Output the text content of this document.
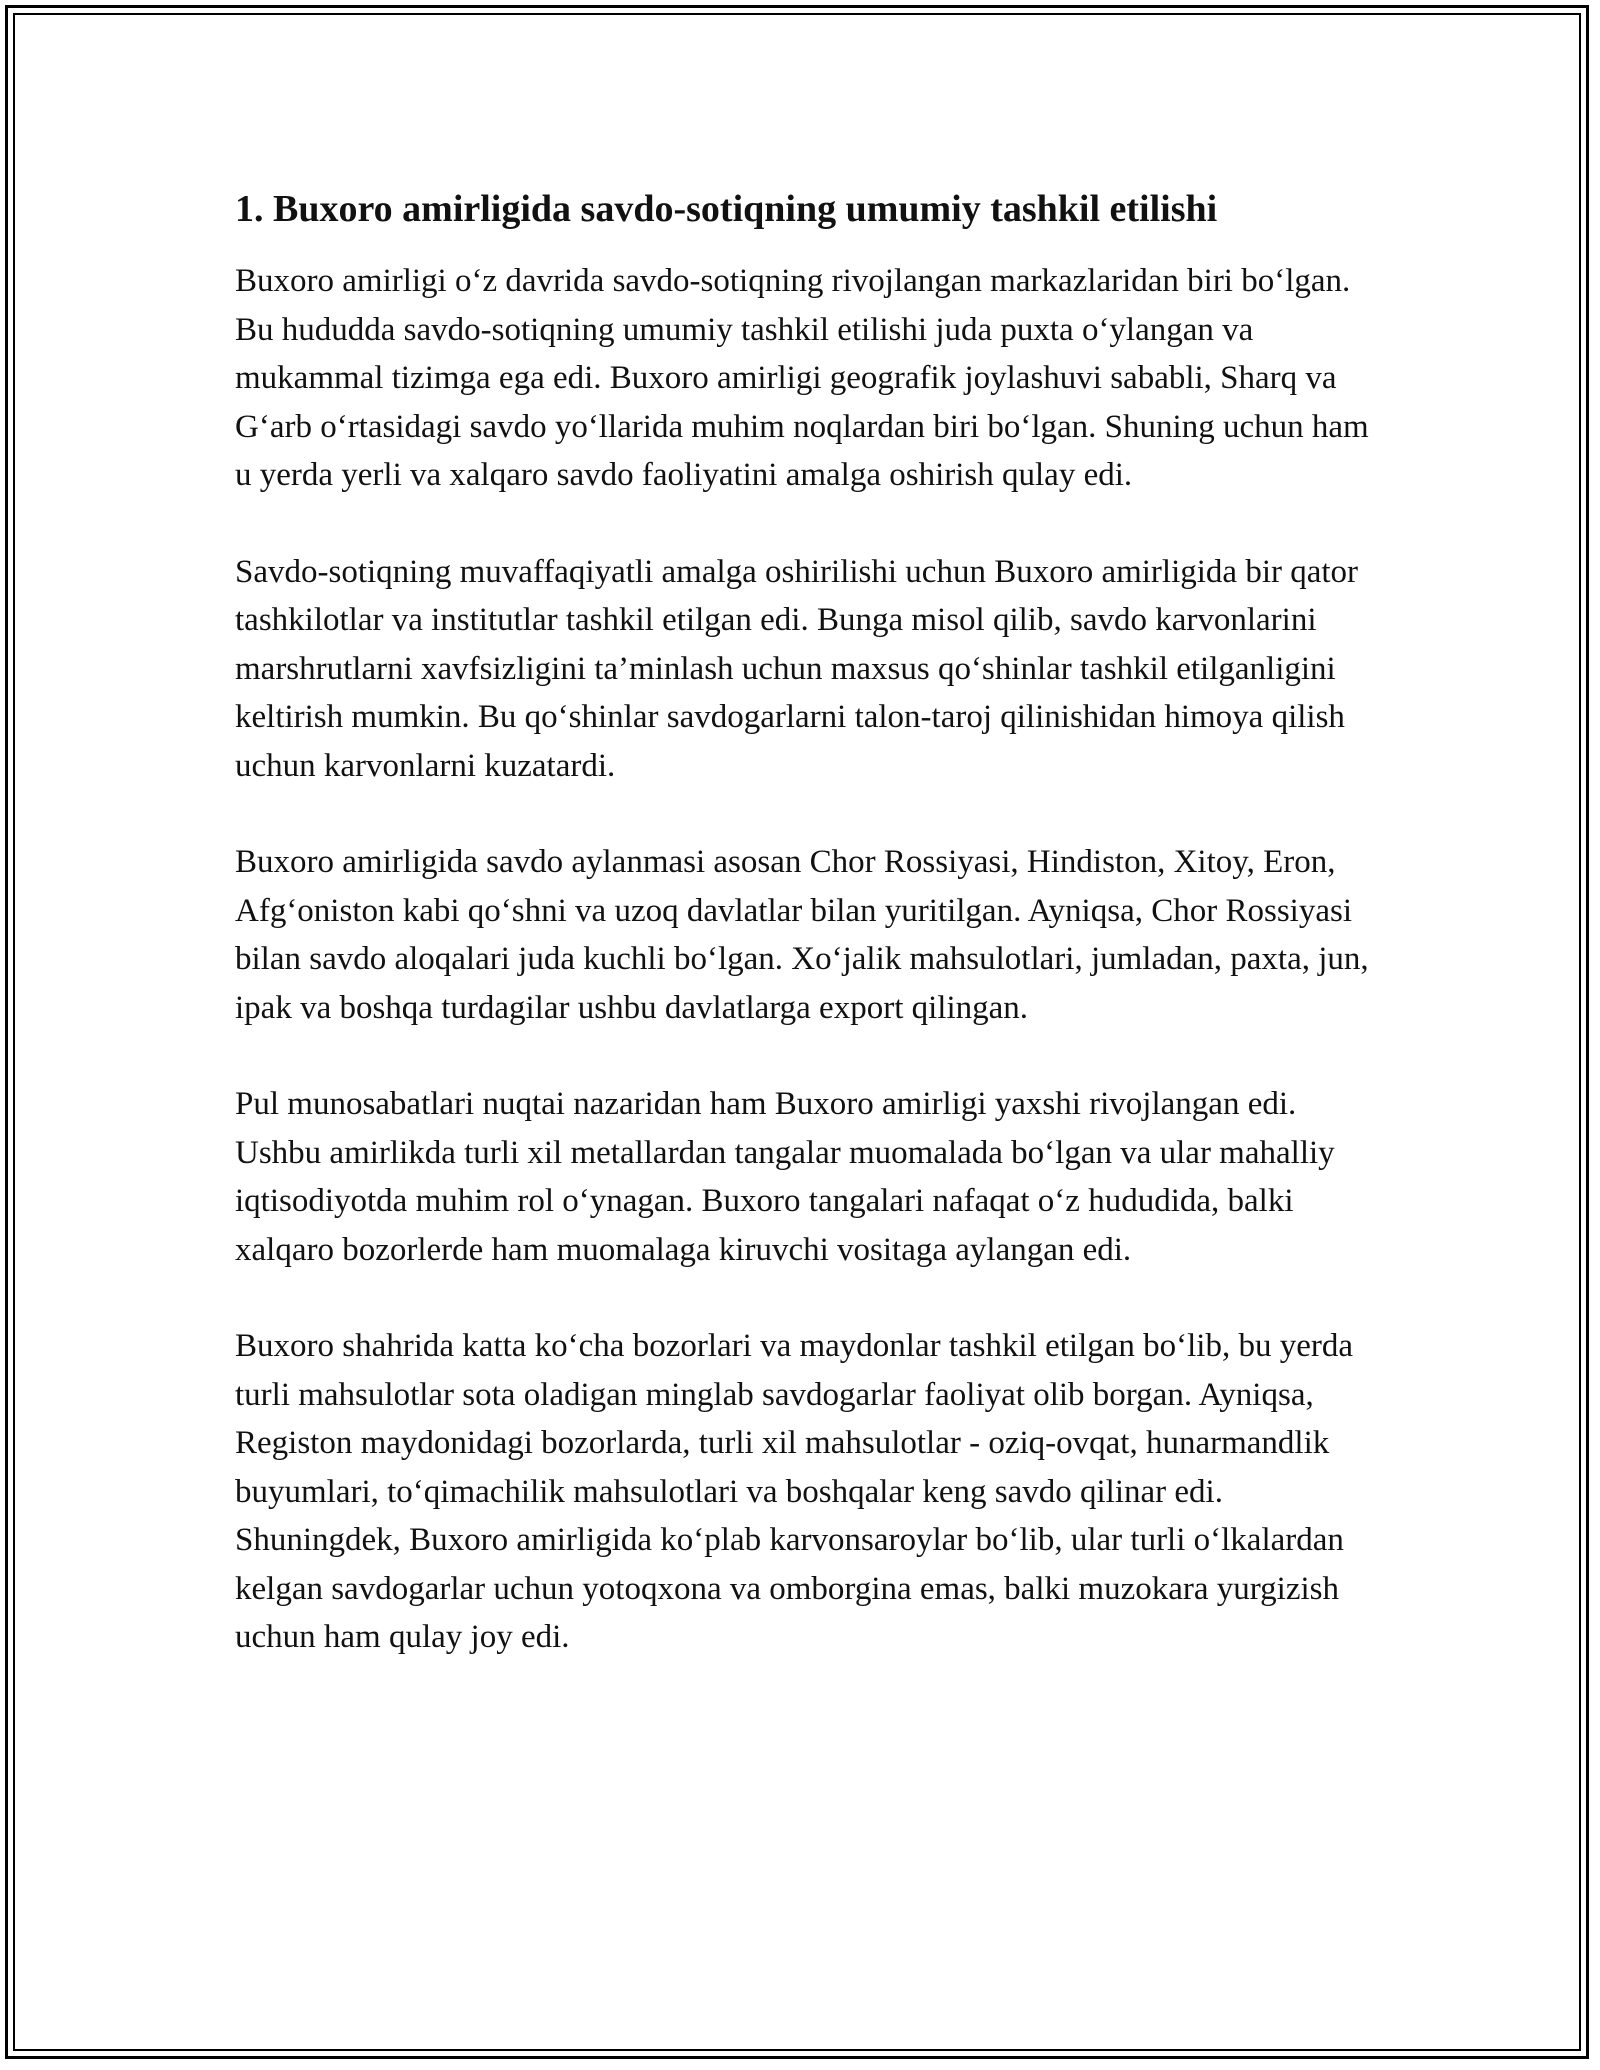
1. Buxoro amirligida savdo-sotiqning umumiy tashkil etilishi

Buxoro amirligi o‘z davrida savdo-sotiqning rivojlangan markazlaridan biri bo‘lgan. Bu hududda savdo-sotiqning umumiy tashkil etilishi juda puxta o‘ylangan va mukammal tizimga ega edi. Buxoro amirligi geografik joylashuvi sababli, Sharq va G‘arb o‘rtasidagi savdo yo‘llarida muhim noqlardan biri bo‘lgan. Shuning uchun ham u yerda yerli va xalqaro savdo faoliyatini amalga oshirish qulay edi.

Savdo-sotiqning muvaffaqiyatli amalga oshirilishi uchun Buxoro amirligida bir qator tashkilotlar va institutlar tashkil etilgan edi. Bunga misol qilib, savdo karvonlarini marshrutlarni xavfsizligini ta’minlash uchun maxsus qo‘shinlar tashkil etilganligini keltirish mumkin. Bu qo‘shinlar savdogarlarni talon-taroj qilinishidan himoya qilish uchun karvonlarni kuzatardi.

Buxoro amirligida savdo aylanmasi asosan Chor Rossiyasi, Hindiston, Xitoy, Eron, Afg‘oniston kabi qo‘shni va uzoq davlatlar bilan yuritilgan. Ayniqsa, Chor Rossiyasi bilan savdo aloqalari juda kuchli bo‘lgan. Xo‘jalik mahsulotlari, jumladan, paxta, jun, ipak va boshqa turdagilar ushbu davlatlarga export qilingan.

Pul munosabatlari nuqtai nazaridan ham Buxoro amirligi yaxshi rivojlangan edi. Ushbu amirlikda turli xil metallardan tangalar muomalada bo‘lgan va ular mahalliy iqtisodiyotda muhim rol o‘ynagan. Buxoro tangalari nafaqat o‘z hududida, balki xalqaro bozorlerde ham muomalaga kiruvchi vositaga aylangan edi.

Buxoro shahrida katta ko‘cha bozorlari va maydonlar tashkil etilgan bo‘lib, bu yerda turli mahsulotlar sota oladigan minglab savdogarlar faoliyat olib borgan. Ayniqsa, Registon maydonidagi bozorlarda, turli xil mahsulotlar - oziq-ovqat, hunarmandlik buyumlari, to‘qimachilik mahsulotlari va boshqalar keng savdo qilinar edi. Shuningdek, Buxoro amirligida ko‘plab karvonsaroylar bo‘lib, ular turli o‘lkalardan kelgan savdogarlar uchun yotoqxona va omborgina emas, balki muzokara yurgizish uchun ham qulay joy edi.
